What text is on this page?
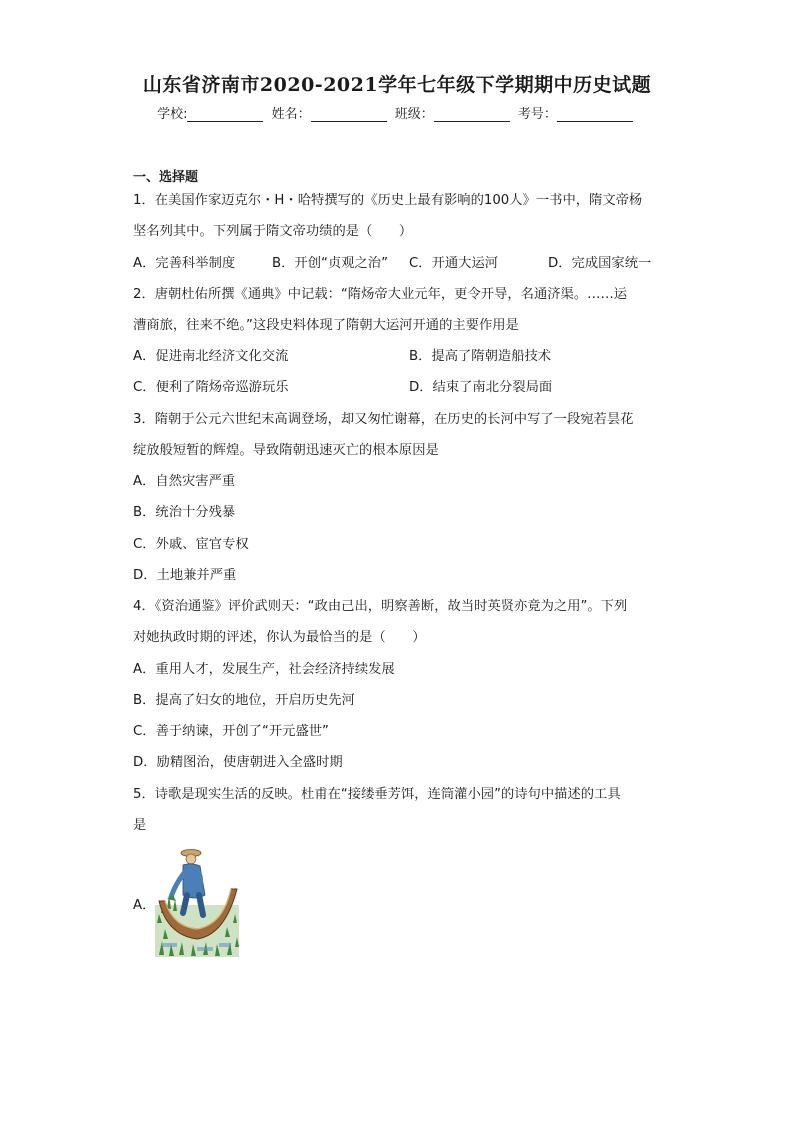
山东省济南市2020-2021学年七年级下学期期中历史试题
学校:	姓名：	班级：	考号：
一、选择题
1．在美国作家迈克尔・H・哈特撰写的《历史上最有影响的100人》一书中，隋文帝杨
坚名列其中。下列属于隋文帝功绩的是（　　）
A．完善科举制度	B．开创“贞观之治” C．开通大运河	D．完成国家统一
2．唐朝杜佑所撰《通典》中记载：“隋炀帝大业元年，更令开导，名通济渠。……运
漕商旅，往来不绝。”这段史料体现了隋朝大运河开通的主要作用是
A．促进南北经济文化交流	B．提高了隋朝造船技术
C．便利了隋炀帝巡游玩乐	D．结束了南北分裂局面
3．隋朝于公元六世纪末高调登场，却又匆忙谢幕，在历史的长河中写了一段宛若昙花
绽放般短暂的辉煌。导致隋朝迅速灭亡的根本原因是
A．自然灾害严重
B．统治十分残暴
C．外戚、宦官专权
D．土地兼并严重
4．《资治通鉴》评价武则天：“政由己出，明察善断，故当时英贤亦竟为之用”。下列
对她执政时期的评述，你认为最恰当的是（　　）
A．重用人才，发展生产，社会经济持续发展
B．提高了妇女的地位，开启历史先河
C．善于纳谏，开创了“开元盛世”
D．励精图治，使唐朝进入全盛时期
5．诗歌是现实生活的反映。杜甫在“接缕垂芳饵，连筒灌小园”的诗句中描述的工具
是
A．
